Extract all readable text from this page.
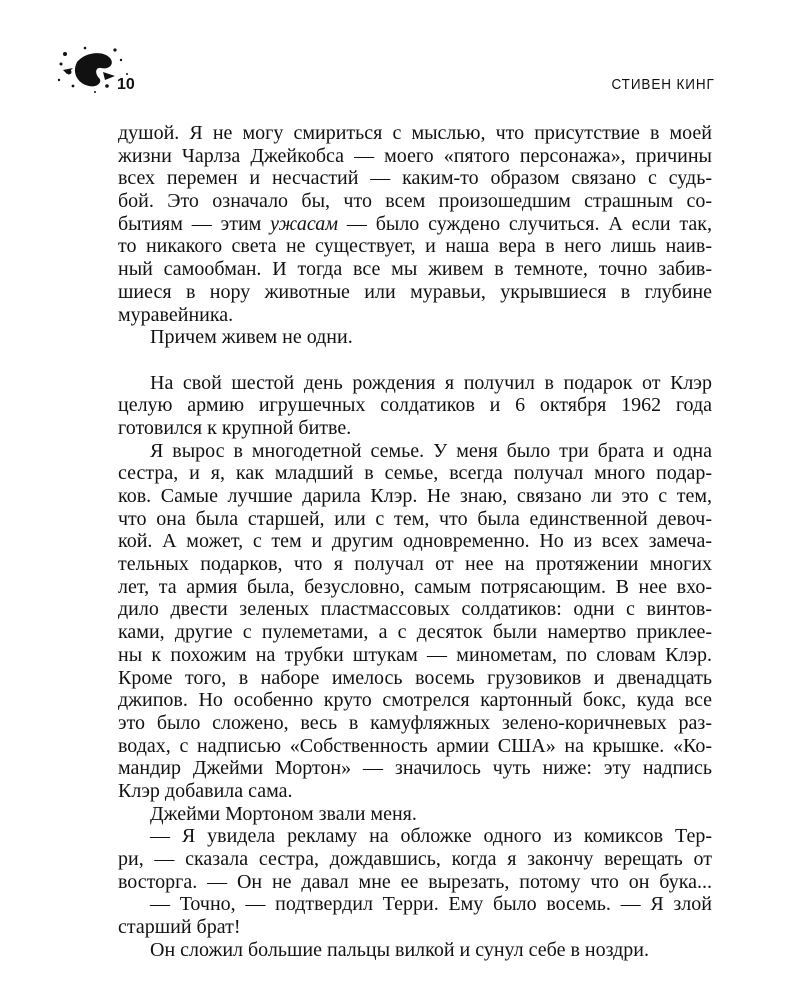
10	СТИВЕН КИНГ
душой. Я не могу смириться с мыслью, что присутствие в моей
жизни Чарлза Джейкобса — моего «пятого персонажа», причины
всех перемен и несчастий — каким-то образом связано с судь-
бой. Это означало бы, что всем произошедшим страшным со-
бытиям — этим ужасам — было суждено случиться. А если так,
то никакого света не существует, и наша вера в него лишь наив-
ный самообман. И тогда все мы живем в темноте, точно забив-
шиеся в нору животные или муравьи, укрывшиеся в глубине
муравейника.
Причем живем не одни.
На свой шестой день рождения я получил в подарок от Клэр
целую армию игрушечных солдатиков и 6 октября 1962 года
готовился к крупной битве.
Я вырос в многодетной семье. У меня было три брата и одна
сестра, и я, как младший в семье, всегда получал много подар-
ков. Самые лучшие дарила Клэр. Не знаю, связано ли это с тем,
что она была старшей, или с тем, что была единственной девоч-
кой. А может, с тем и другим одновременно. Но из всех замеча-
тельных подарков, что я получал от нее на протяжении многих
лет, та армия была, безусловно, самым потрясающим. В нее вхо-
дило двести зеленых пластмассовых солдатиков: одни с винтов-
ками, другие с пулеметами, а с десяток были намертво приклее-
ны к похожим на трубки штукам — минометам, по словам Клэр.
Кроме того, в наборе имелось восемь грузовиков и двенадцать
джипов. Но особенно круто смотрелся картонный бокс, куда все
это было сложено, весь в камуфляжных зелено-коричневых раз-
водах, с надписью «Собственность армии США» на крышке. «Ко-
мандир Джейми Мортон» — значилось чуть ниже: эту надпись
Клэр добавила сама.
Джейми Мортоном звали меня.
— Я увидела рекламу на обложке одного из комиксов Тер-
ри, — сказала сестра, дождавшись, когда я закончу верещать от
восторга. — Он не давал мне ее вырезать, потому что он бука...
— Точно, — подтвердил Терри. Ему было восемь. — Я злой
старший брат!
Он сложил большие пальцы вилкой и сунул себе в ноздри.
